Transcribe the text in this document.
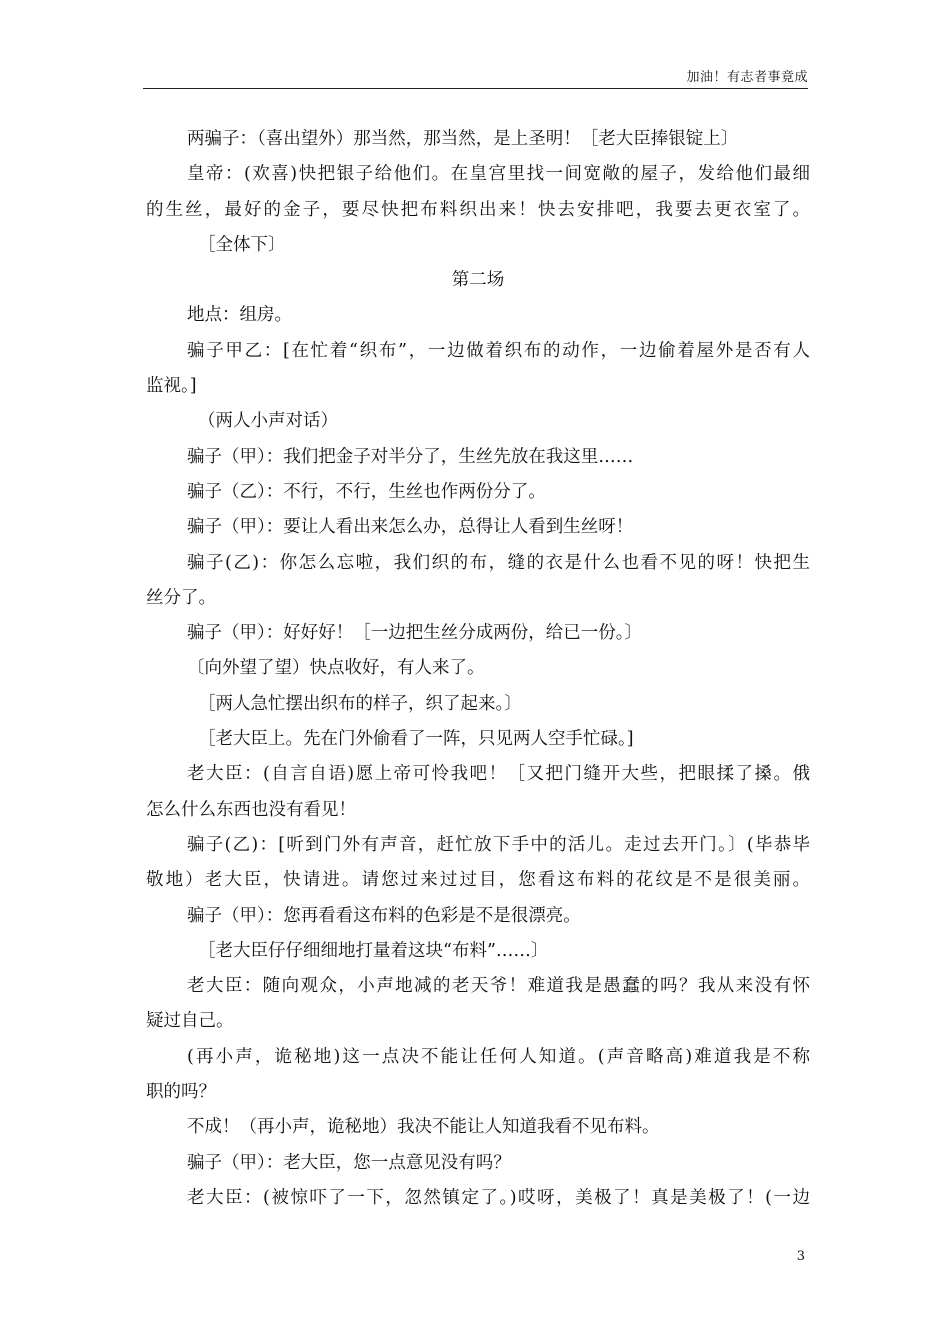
加油！有志者事竟成
两骗子：（喜出望外）那当然，那当然，是上圣明！［老大臣捧银锭上〕
皇帝：(欢喜)快把银子给他们。在皇宫里找一间宽敞的屋子，发给他们最细
的生丝，最好的金子，要尽快把布料织出来！快去安排吧，我要去更衣室了。
［全体下〕
第二场
地点：组房。
骗子甲乙：[在忙着“织布”，一边做着织布的动作，一边偷着屋外是否有人
监视。]
（两人小声对话）
骗子（甲）：我们把金子对半分了，生丝先放在我这里……
骗子（乙）：不行，不行，生丝也作两份分了。
骗子（甲）：要让人看出来怎么办，总得让人看到生丝呀！
骗子(乙)：你怎么忘啦，我们织的布，缝的衣是什么也看不见的呀！快把生
丝分了。
骗子（甲）：好好好！［一边把生丝分成两份，给已一份。〕
〔向外望了望）快点收好，有人来了。
［两人急忙摆出织布的样子，织了起来。〕
［老大臣上。先在门外偷看了一阵，只见两人空手忙碌。]
老大臣：(自言自语)愿上帝可怜我吧！［又把门缝开大些，把眼揉了搡。俄
怎么什么东西也没有看见！
骗子(乙)：[听到门外有声音，赶忙放下手中的活儿。走过去开门。〕(毕恭毕
敬地）老大臣，快请进。请您过来过过目，您看这布料的花纹是不是很美丽。
骗子（甲）：您再看看这布料的色彩是不是很漂亮。
［老大臣仔仔细细地打量着这块“布料”……〕
老大臣：随向观众，小声地减的老天爷！难道我是愚蠢的吗？我从来没有怀
疑过自己。
(再小声，诡秘地)这一点决不能让任何人知道。(声音略高)难道我是不称
职的吗？
不成！（再小声，诡秘地）我决不能让人知道我看不见布料。
骗子（甲）：老大臣，您一点意见没有吗？
老大臣：(被惊吓了一下，忽然镇定了。)哎呀，美极了！真是美极了！(一边
3
